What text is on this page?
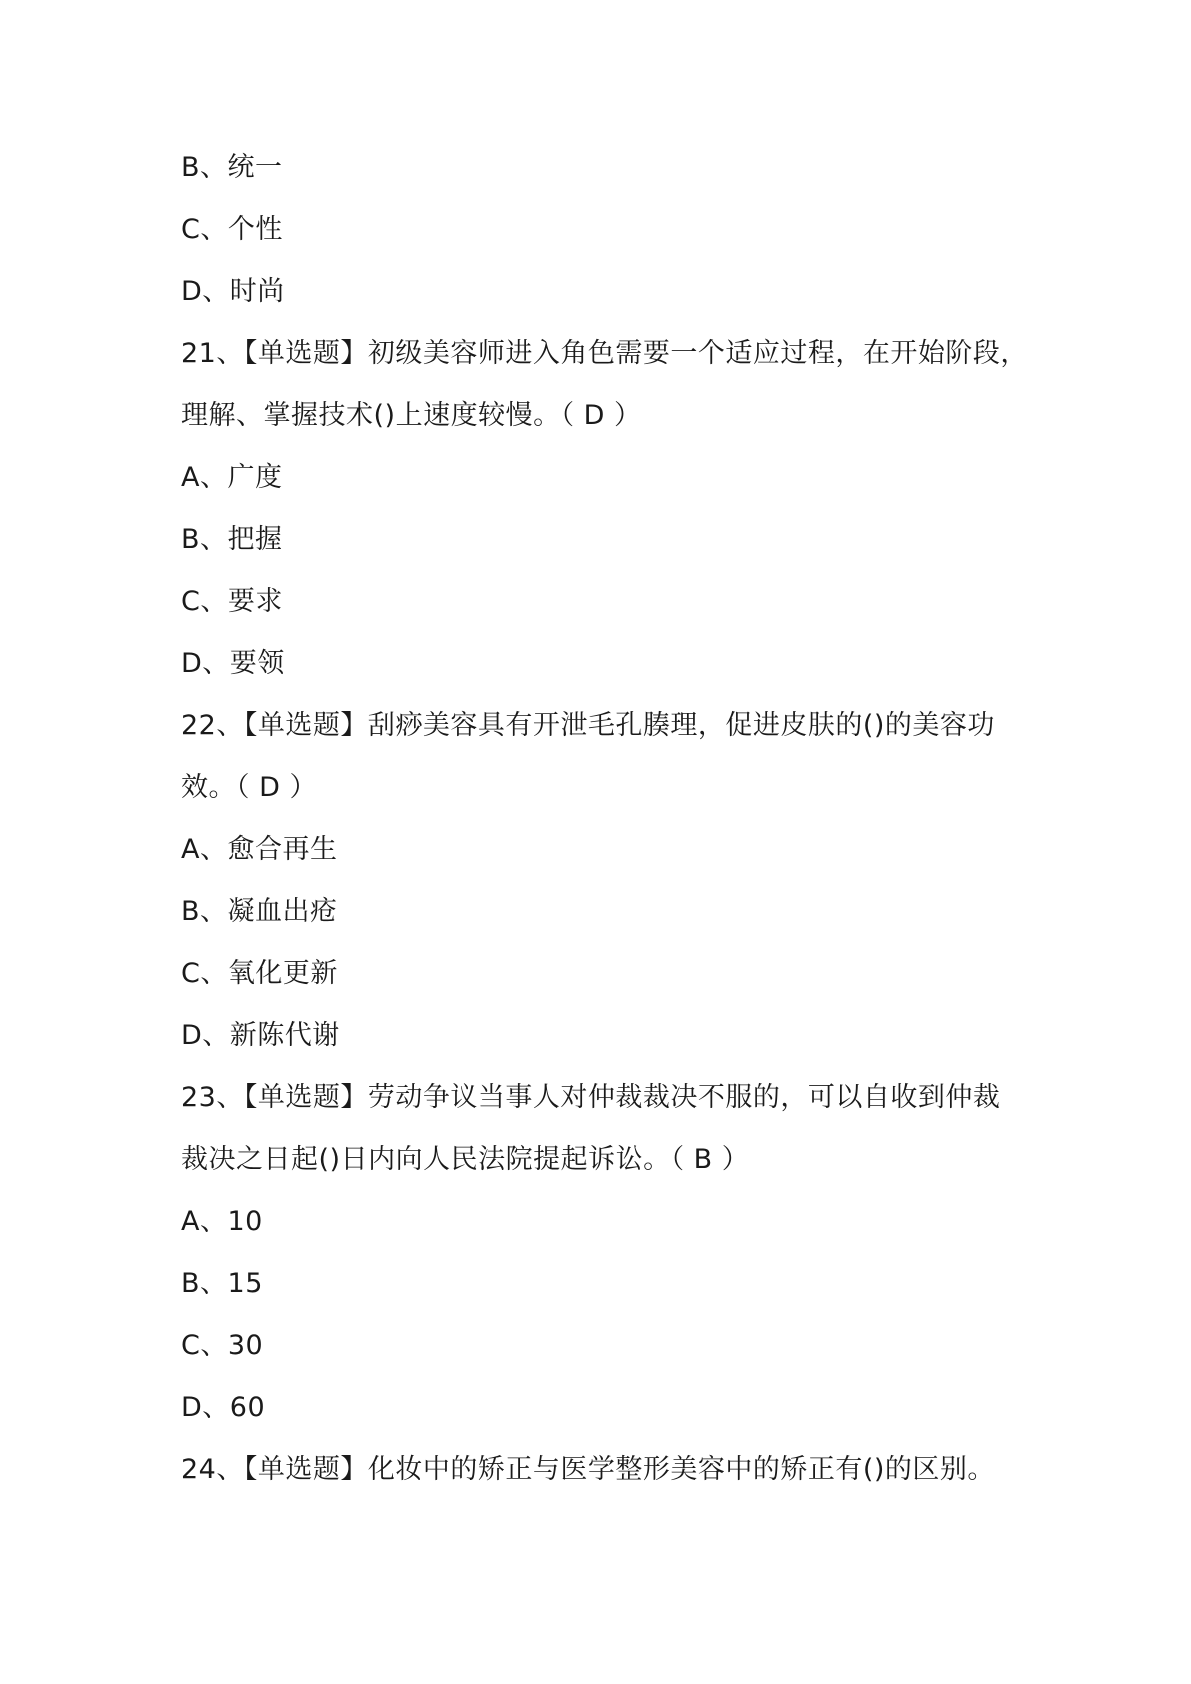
B、统一
C、个性
D、时尚
21、【单选题】初级美容师进入角色需要一个适应过程，在开始阶段，
理解、掌握技术()上速度较慢。（ D ）
A、广度
B、把握
C、要求
D、要领
22、【单选题】刮痧美容具有开泄毛孔腠理，促进皮肤的()的美容功
效。（ D ）
A、愈合再生
B、凝血出疮
C、氧化更新
D、新陈代谢
23、【单选题】劳动争议当事人对仲裁裁决不服的，可以自收到仲裁
裁决之日起()日内向人民法院提起诉讼。（ B ）
A、10
B、15
C、30
D、60
24、【单选题】化妆中的矫正与医学整形美容中的矫正有()的区别。
